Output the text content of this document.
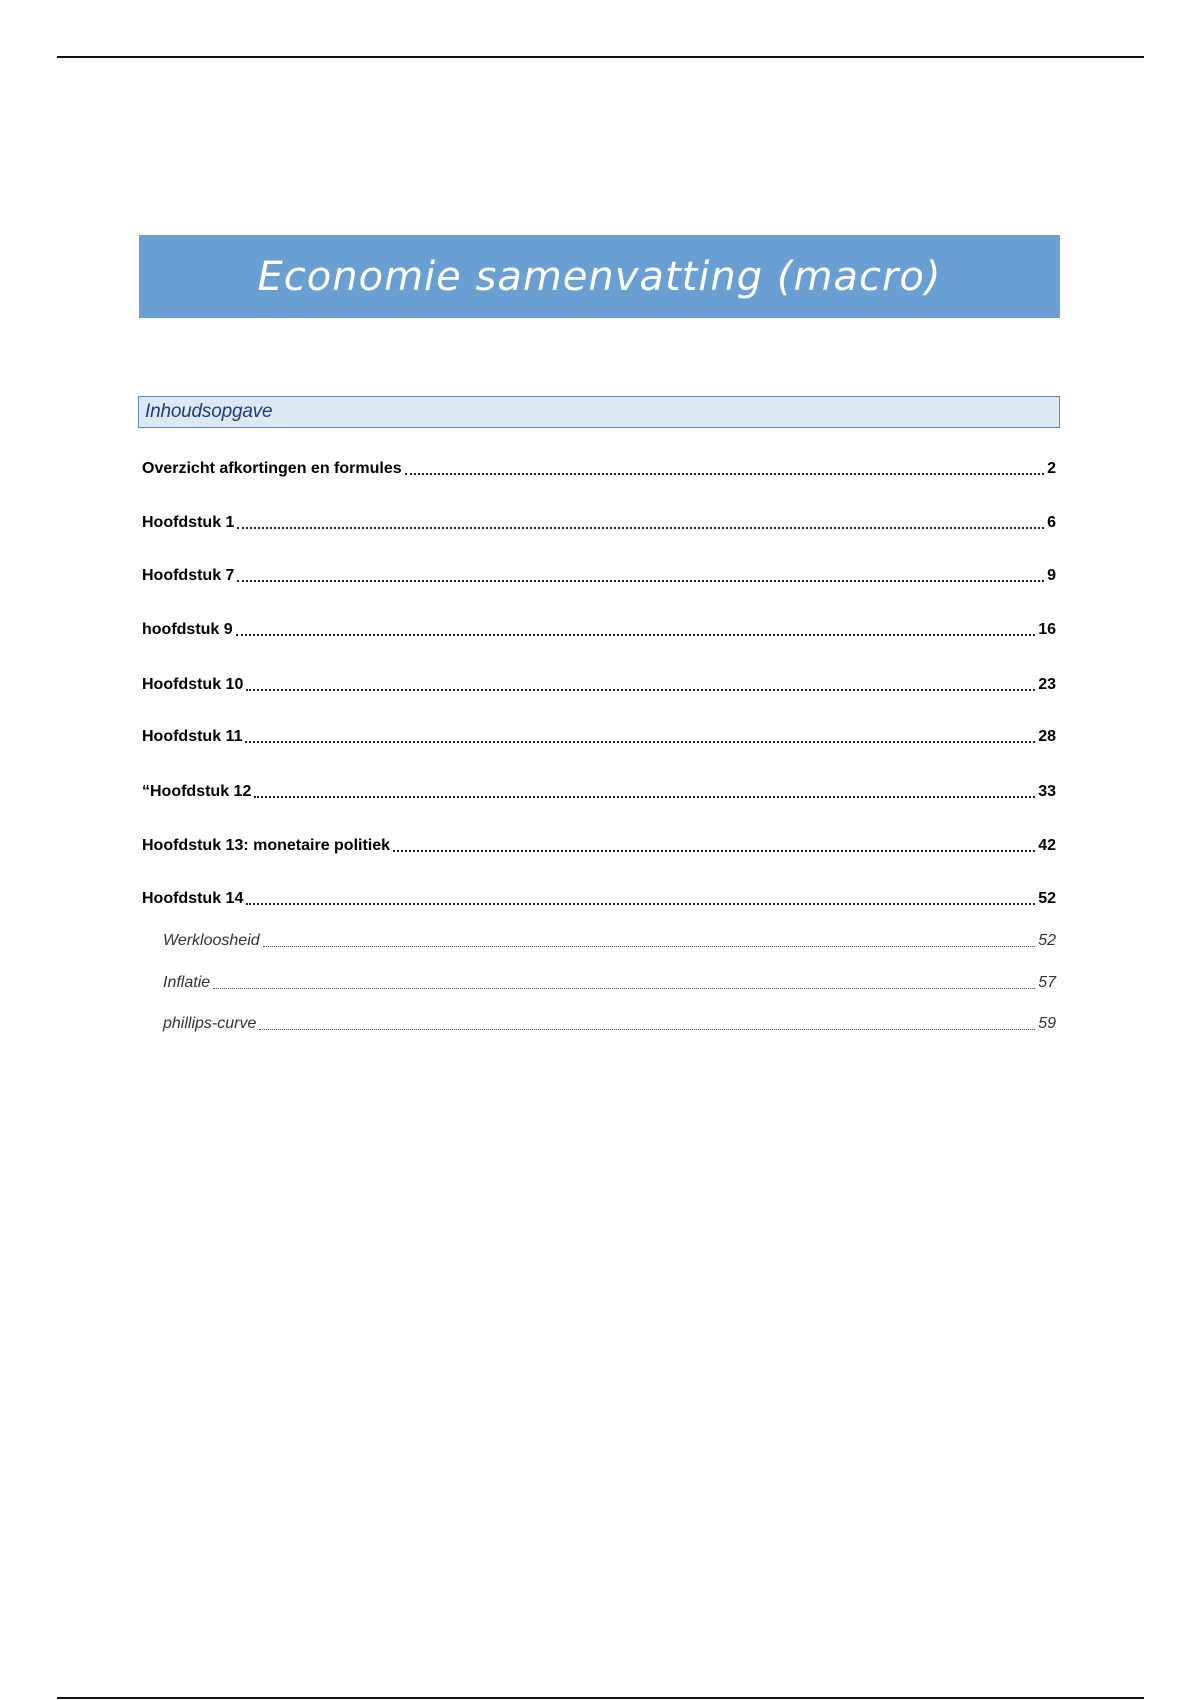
Economie samenvatting (macro)
Inhoudsopgave
Overzicht afkortingen en formules	2
Hoofdstuk 1	6
Hoofdstuk 7	9
hoofdstuk 9	16
Hoofdstuk 10	23
Hoofdstuk 11	28
“Hoofdstuk 12	33
Hoofdstuk 13: monetaire politiek	42
Hoofdstuk 14	52
Werkloosheid	52
Inflatie	57
phillips-curve	59
